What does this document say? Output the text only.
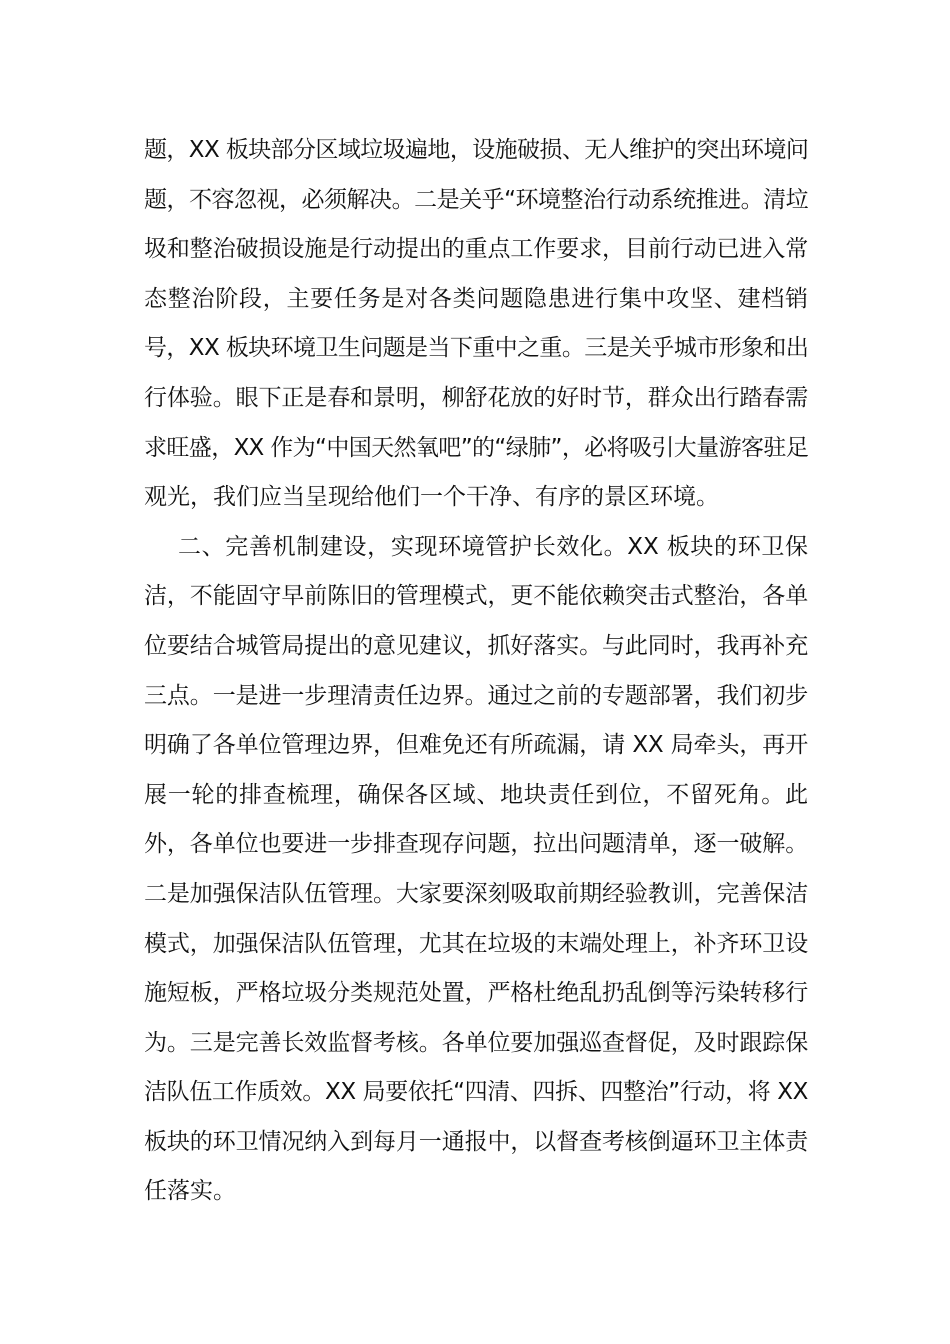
题，XX 板块部分区域垃圾遍地，设施破损、无人维护的突出环境问
题，不容忽视，必须解决。二是关乎“环境整治行动系统推进。清垃
圾和整治破损设施是行动提出的重点工作要求，目前行动已进入常
态整治阶段，主要任务是对各类问题隐患进行集中攻坚、建档销
号，XX 板块环境卫生问题是当下重中之重。三是关乎城市形象和出
行体验。眼下正是春和景明，柳舒花放的好时节，群众出行踏春需
求旺盛，XX 作为“中国天然氧吧”的“绿肺”，必将吸引大量游客驻足
观光，我们应当呈现给他们一个干净、有序的景区环境。
二、完善机制建设，实现环境管护长效化。XX 板块的环卫保
洁，不能固守早前陈旧的管理模式，更不能依赖突击式整治，各单
位要结合城管局提出的意见建议，抓好落实。与此同时，我再补充
三点。一是进一步理清责任边界。通过之前的专题部署，我们初步
明确了各单位管理边界，但难免还有所疏漏，请 XX 局牵头，再开
展一轮的排查梳理，确保各区域、地块责任到位，不留死角。此
外，各单位也要进一步排查现存问题，拉出问题清单，逐一破解。
二是加强保洁队伍管理。大家要深刻吸取前期经验教训，完善保洁
模式，加强保洁队伍管理，尤其在垃圾的末端处理上，补齐环卫设
施短板，严格垃圾分类规范处置，严格杜绝乱扔乱倒等污染转移行
为。三是完善长效监督考核。各单位要加强巡查督促，及时跟踪保
洁队伍工作质效。XX 局要依托“四清、四拆、四整治”行动，将 XX
板块的环卫情况纳入到每月一通报中，以督查考核倒逼环卫主体责
任落实。
